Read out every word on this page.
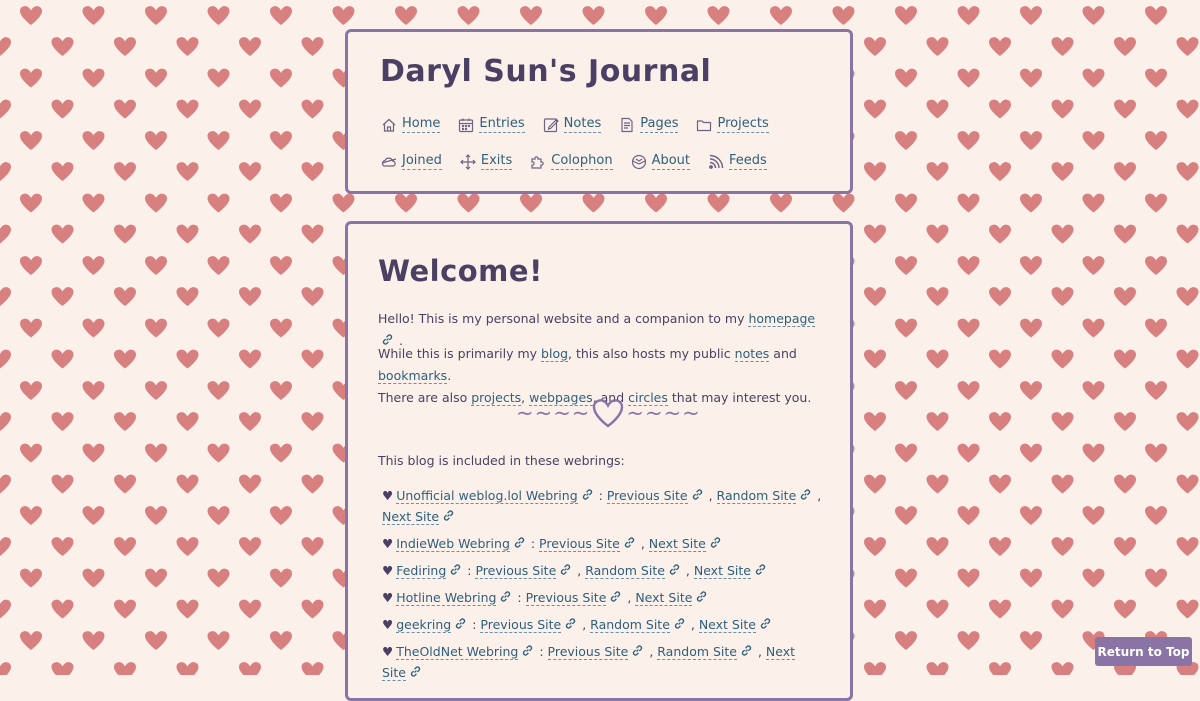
Daryl Sun's Journal
Home	Entries	Notes	Pages	Projects
Joined	Exits	Colophon	About	Feeds
Welcome!

Hello! This is my personal website and a companion to my homepage
.

While this is primarily my blog, this also hosts my public notes and bookmarks.
There are also projects, webpages, and circles that may interest you.

~~~~ ~~~~

This blog is included in these webrings:

♥ Unofficial weblog.lol Webring
: Previous Site
, Random Site
, Next Site
♥ IndieWeb Webring
: Previous Site
, Next Site
♥ Fediring
: Previous Site
, Random Site
, Next Site
♥ Hotline Webring
: Previous Site
, Next Site
♥ geekring
: Previous Site
, Random Site
, Next Site
♥ TheOldNet Webring
: Previous Site
, Random Site
, Next Site
Return to Top
